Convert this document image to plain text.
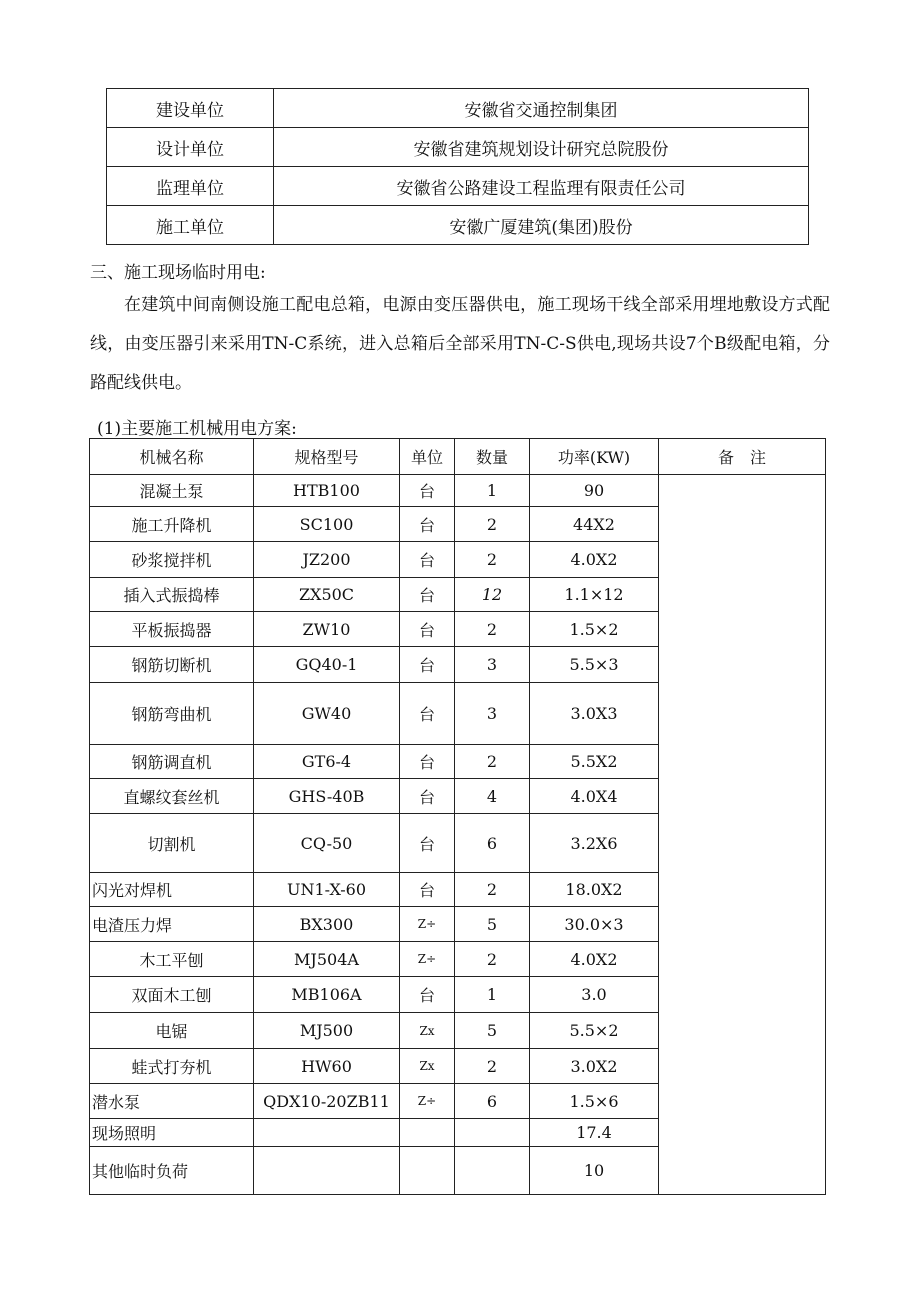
建设单位	安徽省交通控制集团
设计单位	安徽省建筑规划设计研究总院股份
监理单位	安徽省公路建设工程监理有限责任公司
施工单位	安徽广厦建筑(集团)股份
三、施工现场临时用电:

在建筑中间南侧设施工配电总箱，电源由变压器供电，施工现场干线全部采用埋地敷设方式配线，由变压器引来采用TN-C系统，进入总箱后全部采用TN-C-S供电,现场共设7个B级配电箱，分路配线供电。

(1)主要施工机械用电方案:
机械名称	规格型号	单位	数量	功率(KW)	备　注
混凝土泵	HTB100	台	1	90	
施工升降机	SC100	台	2	44X2	
砂浆搅拌机	JZ200	台	2	4.0X2	
插入式振捣棒	ZX50C	台	12	1.1×12	
平板振捣器	ZW10	台	2	1.5×2	
钢筋切断机	GQ40-1	台	3	5.5×3	
钢筋弯曲机	GW40	台	3	3.0X3	
钢筋调直机	GT6-4	台	2	5.5X2	
直螺纹套丝机	GHS-40B	台	4	4.0X4	
切割机	CQ-50	台	6	3.2X6	
闪光对焊机	UN1-X-60	台	2	18.0X2	
电渣压力焊	BX300	Z÷	5	30.0×3	
木工平刨	MJ504A	Z÷	2	4.0X2	
双面木工刨	MB106A	台	1	3.0	
电锯	MJ500	Zx	5	5.5×2	
蛙式打夯机	HW60	Zx	2	3.0X2	
潜水泵	QDX10-20ZB11	Z÷	6	1.5×6	
现场照明				17.4	
其他临时负荷				10	
